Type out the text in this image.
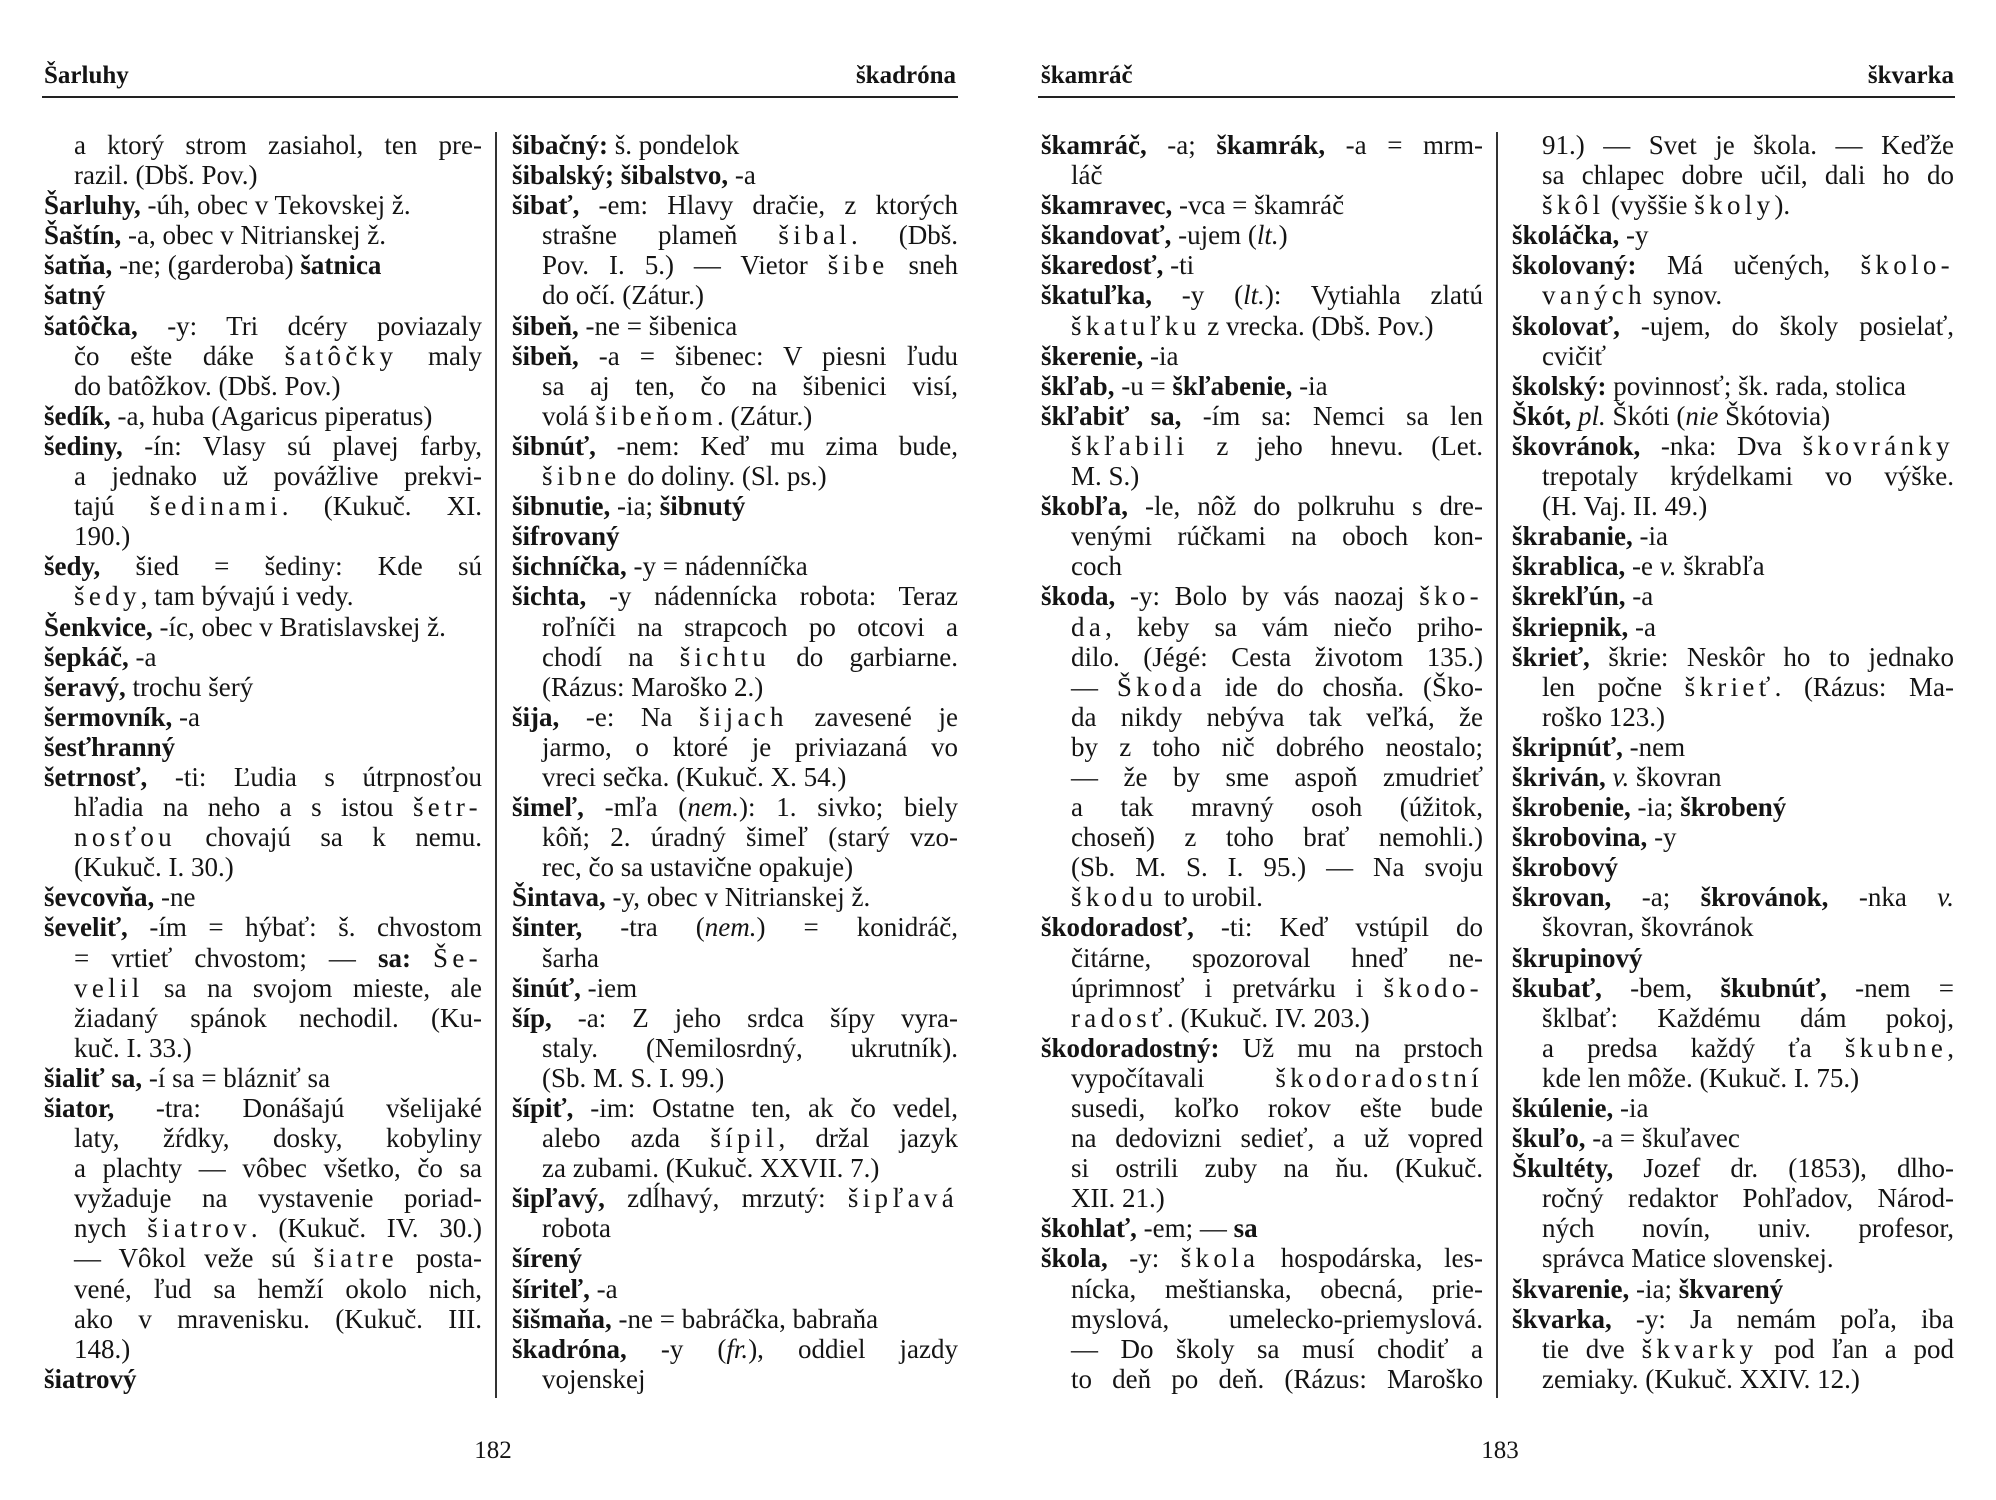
Šarluhy	škadróna
a ktorý strom zasiahol, ten pre-
razil. (Dbš. Pov.)
Šarluhy, -úh, obec v Tekovskej ž.
Šaštín, -a, obec v Nitrianskej ž.
šatňa, -ne; (garderoba) šatnica
šatný
šatôčka, -y: Tri dcéry poviazaly
čo ešte dáke šatôčky maly
do batôžkov. (Dbš. Pov.)
šedík, -a, huba (Agaricus piperatus)
šediny, -ín: Vlasy sú plavej farby,
a jednako už povážlive prekvi-
tajú šedinami. (Kukuč. XI.
190.)
šedy, šied = šediny: Kde sú
šedy, tam bývajú i vedy.
Šenkvice, -íc, obec v Bratislavskej ž.
šepkáč, -a
šeravý, trochu šerý
šermovník, -a
šesťhranný
šetrnosť, -ti: Ľudia s útrpnosťou
hľadia na neho a s istou šetr-
nosťou chovajú sa k nemu.
(Kukuč. I. 30.)
ševcovňa, -ne
ševeliť, -ím = hýbať: š. chvostom
= vrtieť chvostom; — sa: Še-
velil sa na svojom mieste, ale
žiadaný spánok nechodil. (Ku-
kuč. I. 33.)
šialiť sa, -í sa = blázniť sa
šiator, -tra: Donášajú všelijaké
laty, žŕdky, dosky, kobyliny
a plachty — vôbec všetko, čo sa
vyžaduje na vystavenie poriad-
nych šiatrov. (Kukuč. IV. 30.)
— Vôkol veže sú šiatre posta-
vené, ľud sa hemží okolo nich,
ako v mravenisku. (Kukuč. III.
148.)
šiatrový
šibačný: š. pondelok
šibalský; šibalstvo, -a
šibať, -em: Hlavy dračie, z ktorých
strašne plameň šibal. (Dbš.
Pov. I. 5.) — Vietor šibe sneh
do očí. (Zátur.)
šibeň, -ne = šibenica
šibeň, -a = šibenec: V piesni ľudu
sa aj ten, čo na šibenici visí,
volá šibeňom. (Zátur.)
šibnúť, -nem: Keď mu zima bude,
šibne do doliny. (Sl. ps.)
šibnutie, -ia; šibnutý
šifrovaný
šichníčka, -y = nádenníčka
šichta, -y nádennícka robota: Teraz
roľníči na strapcoch po otcovi a
chodí na šichtu do garbiarne.
(Rázus: Maroško 2.)
šija, -e: Na šijach zavesené je
jarmo, o ktoré je priviazaná vo
vreci sečka. (Kukuč. X. 54.)
šimeľ, -mľa (nem.): 1. sivko; biely
kôň; 2. úradný šimeľ (starý vzo-
rec, čo sa ustavične opakuje)
Šintava, -y, obec v Nitrianskej ž.
šinter, -tra (nem.) = konidráč,
šarha
šinúť, -iem
šíp, -a: Z jeho srdca šípy vyra-
staly. (Nemilosrdný, ukrutník).
(Sb. M. S. I. 99.)
šípiť, -im: Ostatne ten, ak čo vedel,
alebo azda šípil, držal jazyk
za zubami. (Kukuč. XXVII. 7.)
šipľavý, zdĺhavý, mrzutý: šipľavá
robota
šírený
šíriteľ, -a
šišmaňa, -ne = babráčka, babraňa
škadróna, -y (fr.), oddiel jazdy
vojenskej
182
škamráč	škvarka
škamráč, -a; škamrák, -a = mrm-
láč
škamravec, -vca = škamráč
škandovať, -ujem (lt.)
škaredosť, -ti
škatuľka, -y (lt.): Vytiahla zlatú
škatuľku z vrecka. (Dbš. Pov.)
škerenie, -ia
škľab, -u = škľabenie, -ia
škľabiť sa, -ím sa: Nemci sa len
škľabili z jeho hnevu. (Let.
M. S.)
škobľa, -le, nôž do polkruhu s dre-
venými rúčkami na oboch kon-
coch
škoda, -y: Bolo by vás naozaj ško-
da, keby sa vám niečo priho-
dilo. (Jégé: Cesta životom 135.)
— Škoda ide do chosňa. (Ško-
da nikdy nebýva tak veľká, že
by z toho nič dobrého neostalo;
— že by sme aspoň zmudrieť
a tak mravný osoh (úžitok,
choseň) z toho brať nemohli.)
(Sb. M. S. I. 95.) — Na svoju
škodu to urobil.
škodoradosť, -ti: Keď vstúpil do
čitárne, spozoroval hneď ne-
úprimnosť i pretvárku i škodo-
radosť. (Kukuč. IV. 203.)
škodoradostný: Už mu na prstoch
vypočítavali škodoradostní
susedi, koľko rokov ešte bude
na dedovizni sedieť, a už vopred
si ostrili zuby na ňu. (Kukuč.
XII. 21.)
škohlať, -em; — sa
škola, -y: škola hospodárska, les-
nícka, meštianska, obecná, prie-
myslová, umelecko-priemyslová.
— Do školy sa musí chodiť a
to deň po deň. (Rázus: Maroško
91.) — Svet je škola. — Keďže
sa chlapec dobre učil, dali ho do
škôl (vyššie školy).
školáčka, -y
školovaný: Má učených, školo-
vaných synov.
školovať, -ujem, do školy posielať,
cvičiť
školský: povinnosť; šk. rada, stolica
Škót, pl. Škóti (nie Škótovia)
škovránok, -nka: Dva škovránky
trepotaly krýdelkami vo výške.
(H. Vaj. II. 49.)
škrabanie, -ia
škrablica, -e v. škrabľa
škrekľún, -a
škriepnik, -a
škrieť, škrie: Neskôr ho to jednako
len počne škrieť. (Rázus: Ma-
roško 123.)
škripnúť, -nem
škriván, v. škovran
škrobenie, -ia; škrobený
škrobovina, -y
škrobový
škrovan, -a; škrovánok, -nka v.
škovran, škovránok
škrupinový
škubať, -bem, škubnúť, -nem =
šklbať: Každému dám pokoj,
a predsa každý ťa škubne,
kde len môže. (Kukuč. I. 75.)
škúlenie, -ia
škuľo, -a = škuľavec
Škultéty, Jozef dr. (1853), dlho-
ročný redaktor Pohľadov, Národ-
ných novín, univ. profesor,
správca Matice slovenskej.
škvarenie, -ia; škvarený
škvarka, -y: Ja nemám poľa, iba
tie dve škvarky pod ľan a pod
zemiaky. (Kukuč. XXIV. 12.)
183
